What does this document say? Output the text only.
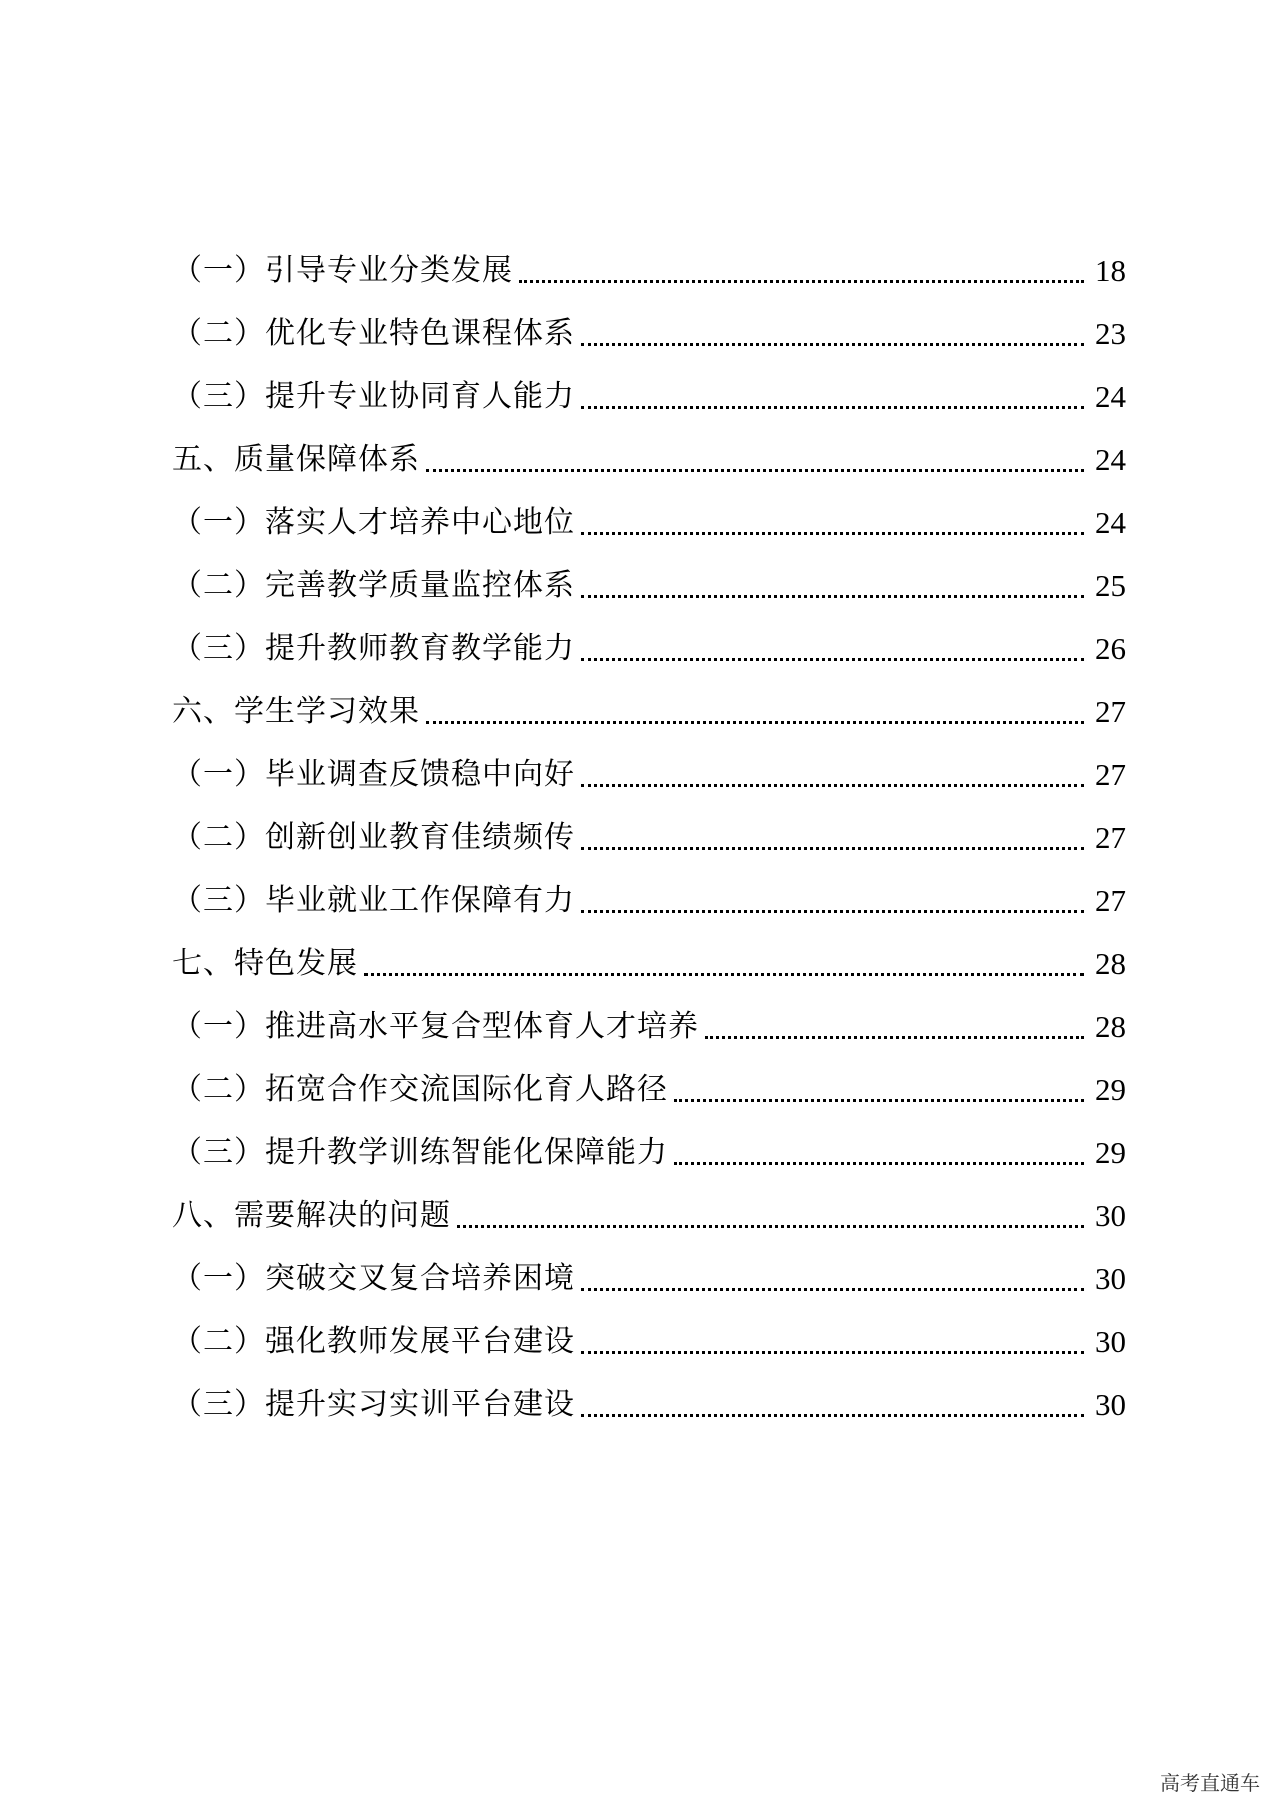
（一）引导专业分类发展	18
（二）优化专业特色课程体系	23
（三）提升专业协同育人能力	24
五、质量保障体系	24
（一）落实人才培养中心地位	24
（二）完善教学质量监控体系	25
（三）提升教师教育教学能力	26
六、学生学习效果	27
（一）毕业调查反馈稳中向好	27
（二）创新创业教育佳绩频传	27
（三）毕业就业工作保障有力	27
七、特色发展	28
（一）推进高水平复合型体育人才培养	28
（二）拓宽合作交流国际化育人路径	29
（三）提升教学训练智能化保障能力	29
八、需要解决的问题	30
（一）突破交叉复合培养困境	30
（二）强化教师发展平台建设	30
（三）提升实习实训平台建设	30
高考直通车
